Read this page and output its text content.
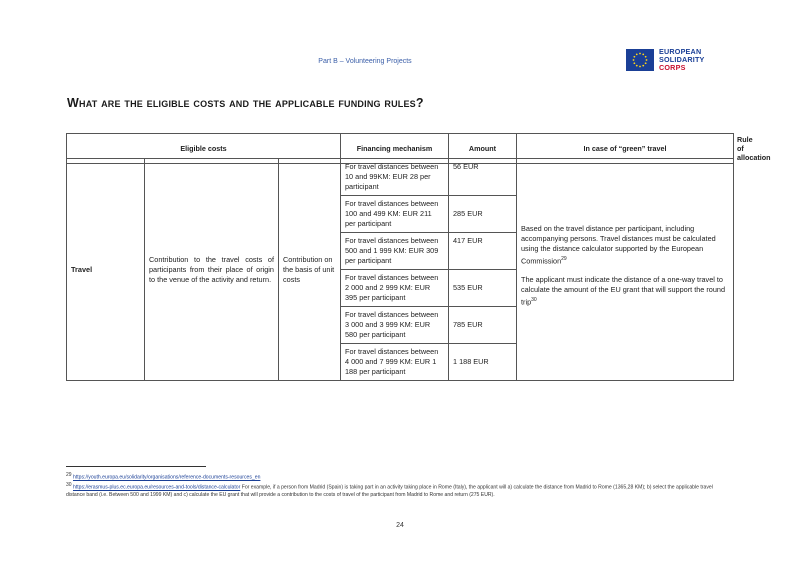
Part B – Volunteering Projects
EUROPEAN
SOLIDARITY
CORPS
What are the eligible costs and the applicable funding rules?
Eligible costs	Financing mechanism	Amount	In case of “green” travel	Rule of allocation
Travel	Contribution to the travel costs of participants from their place of origin to the venue of the activity and return.	Contribution on the basis of unit costs	For travel distances between 10 and 99KM: EUR 28 per participant	56 EUR	Based on the travel distance per participant, including accompanying persons. Travel distances must be calculated using the distance calculator supported by the European Commission$^{29}$

The applicant must indicate the distance of a one-way travel to calculate the amount of the EU grant that will support the round trip$^{30}$

			For travel distances between 100 and 499 KM: EUR 211 per participant	285 EUR	
			For travel distances between 500 and 1 999 KM: EUR 309 per participant	417 EUR	
			For travel distances between 2 000 and 2 999 KM: EUR 395 per participant	535 EUR	
			For travel distances between 3 000 and 3 999 KM: EUR 580 per participant	785 EUR	
			For travel distances between 4 000 and 7 999 KM: EUR 1 188 per participant	1 188 EUR	

$^{29}$ https://youth.europa.eu/solidarity/organisations/reference-documents-resources_en

$^{30}$ https://erasmus-plus.ec.europa.eu/resources-and-tools/distance-calculator For example, if a person from Madrid (Spain) is taking part in an activity taking place in Rome (Italy), the applicant will a) calculate the distance from Madrid to Rome (1365,28 KM); b) select the applicable travel distance band (i.e. Between 500 and 1999 KM) and c) calculate the EU grant that will provide a contribution to the costs of travel of the participant from Madrid to Rome and return (275 EUR).

24
